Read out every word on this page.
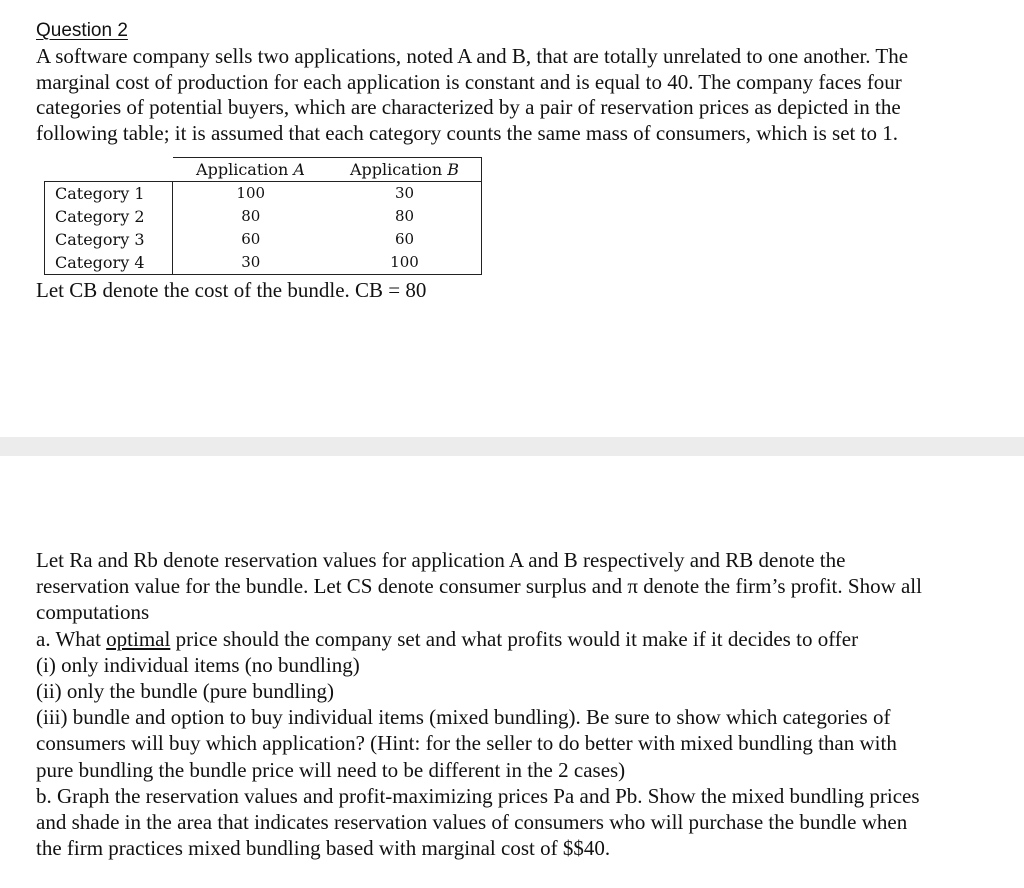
Question 2
A software company sells two applications, noted A and B, that are totally unrelated to one another. The
marginal cost of production for each application is constant and is equal to 40. The company faces four
categories of potential buyers, which are characterized by a pair of reservation prices as depicted in the
following table; it is assumed that each category counts the same mass of consumers, which is set to 1.
	Application A	Application B
Category 1	100	30
Category 2	80	80
Category 3	60	60
Category 4	30	100
Let CB denote the cost of the bundle. CB = 80
Let Ra and Rb denote reservation values for application A and B respectively and RB denote the
reservation value for the bundle. Let CS denote consumer surplus and π denote the firm’s profit. Show all
computations
a. What optimal price should the company set and what profits would it make if it decides to offer
(i) only individual items (no bundling)
(ii) only the bundle (pure bundling)
(iii) bundle and option to buy individual items (mixed bundling). Be sure to show which categories of
consumers will buy which application? (Hint: for the seller to do better with mixed bundling than with
pure bundling the bundle price will need to be different in the 2 cases)
b. Graph the reservation values and profit-maximizing prices Pa and Pb. Show the mixed bundling prices
and shade in the area that indicates reservation values of consumers who will purchase the bundle when
the firm practices mixed bundling based with marginal cost of $$40.
